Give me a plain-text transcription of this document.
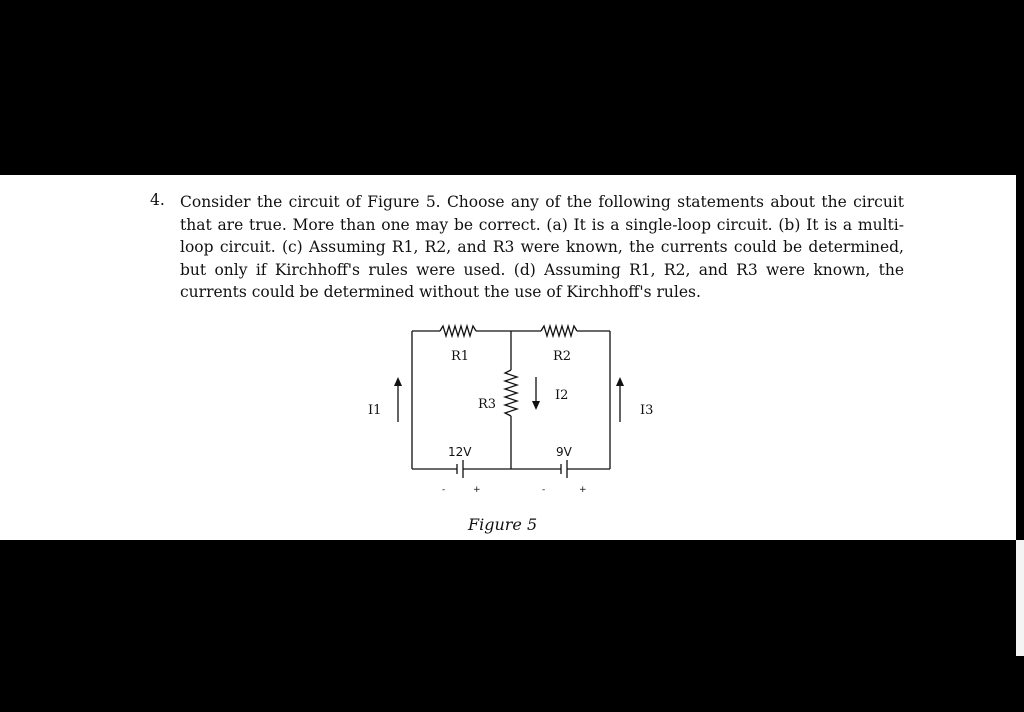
4. Consider the circuit of Figure 5. Choose any of the following statements about the circuit that are true. More than one may be correct. (a) It is a single-loop circuit. (b) It is a multi-loop circuit. (c) Assuming R1, R2, and R3 were known, the currents could be determined, but only if Kirchhoff's rules were used. (d) Assuming R1, R2, and R3 were known, the currents could be determined without the use of Kirchhoff's rules.

R1	R2
R3
I1
I2
I3
12V	9V
-	+	-	+
Figure 5
